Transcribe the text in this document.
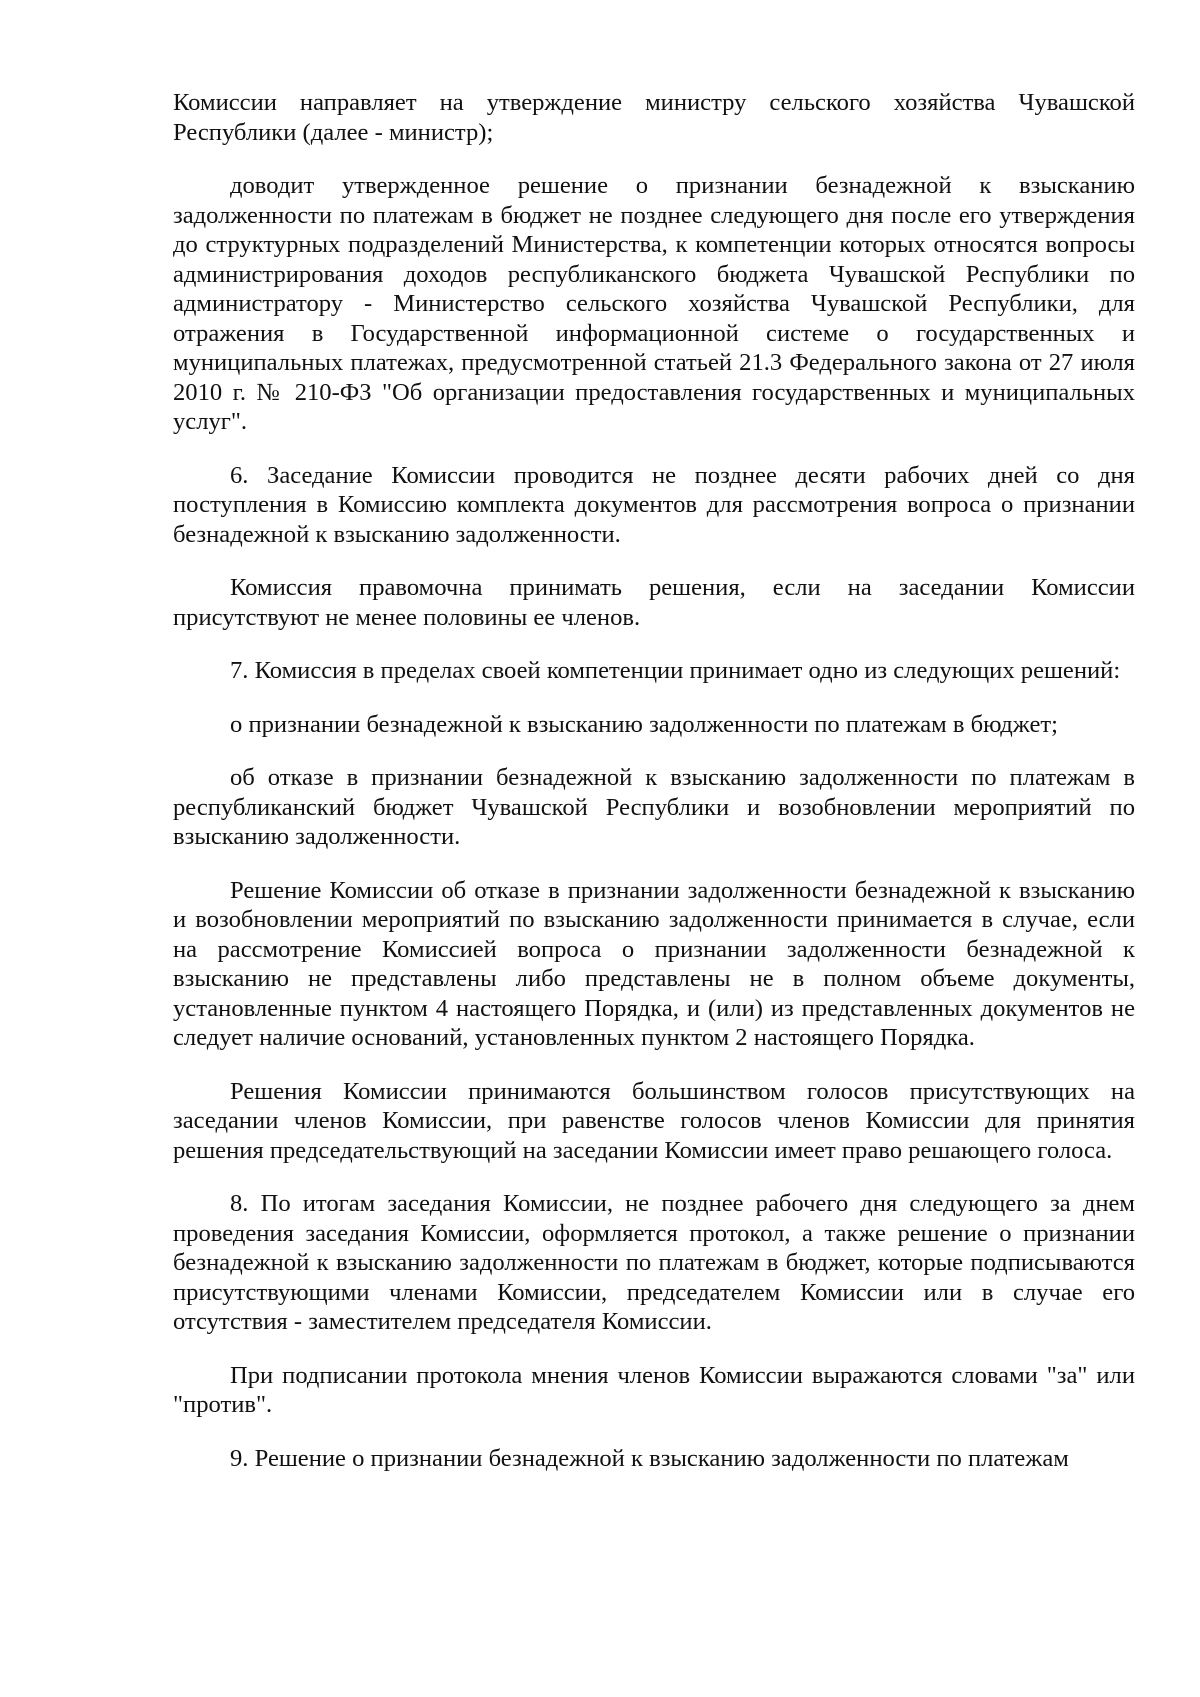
Комиссии направляет на утверждение министру сельского хозяйства Чувашской Республики (далее - министр);

доводит утвержденное решение о признании безнадежной к взысканию задолженности по платежам в бюджет не позднее следующего дня после его утверждения до структурных подразделений Министерства, к компетенции которых относятся вопросы администрирования доходов республиканского бюджета Чувашской Республики по администратору - Министерство сельского хозяйства Чувашской Республики, для отражения в Государственной информационной системе о государственных и муниципальных платежах, предусмотренной статьей 21.3 Федерального закона от 27 июля 2010 г. № 210-ФЗ "Об организации предоставления государственных и муниципальных услуг".

6. Заседание Комиссии проводится не позднее десяти рабочих дней со дня поступления в Комиссию комплекта документов для рассмотрения вопроса о признании безнадежной к взысканию задолженности.

Комиссия правомочна принимать решения, если на заседании Комиссии присутствуют не менее половины ее членов.

7. Комиссия в пределах своей компетенции принимает одно из следующих решений:

о признании безнадежной к взысканию задолженности по платежам в бюджет;

об отказе в признании безнадежной к взысканию задолженности по платежам в республиканский бюджет Чувашской Республики и возобновлении мероприятий по взысканию задолженности.

Решение Комиссии об отказе в признании задолженности безнадежной к взысканию и возобновлении мероприятий по взысканию задолженности принимается в случае, если на рассмотрение Комиссией вопроса о признании задолженности безнадежной к взысканию не представлены либо представлены не в полном объеме документы, установленные пунктом 4 настоящего Порядка, и (или) из представленных документов не следует наличие оснований, установленных пунктом 2 настоящего Порядка.

Решения Комиссии принимаются большинством голосов присутствующих на заседании членов Комиссии, при равенстве голосов членов Комиссии для принятия решения председательствующий на заседании Комиссии имеет право решающего голоса.

8. По итогам заседания Комиссии, не позднее рабочего дня следующего за днем проведения заседания Комиссии, оформляется протокол, а также решение о признании безнадежной к взысканию задолженности по платежам в бюджет, которые подписываются присутствующими членами Комиссии, председателем Комиссии или в случае его отсутствия - заместителем председателя Комиссии.

При подписании протокола мнения членов Комиссии выражаются словами "за" или "против".

9. Решение о признании безнадежной к взысканию задолженности по платежам
